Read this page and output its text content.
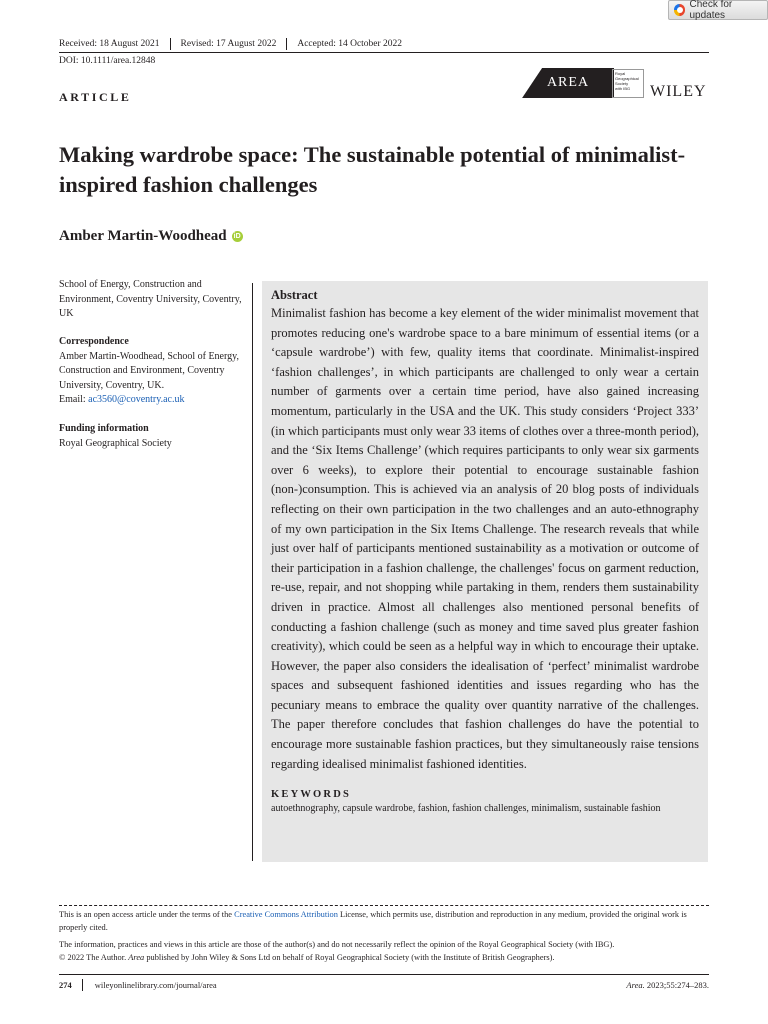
Check for updates
Received: 18 August 2021 Revised: 17 August 2022 Accepted: 14 October 2022
DOI: 10.1111/area.12848
ARTICLE
AREA
Royal
Geographical
Society
with IBG	WILEY
Making wardrobe space: The sustainable potential of minimalist-inspired fashion challenges
Amber Martin-Woodhead iD
School of Energy, Construction and Environment, Coventry University, Coventry, UK
Correspondence
Amber Martin-Woodhead, School of Energy, Construction and Environment, Coventry University, Coventry, UK.
Email: ac3560@coventry.ac.uk
Funding information
Royal Geographical Society
Abstract
Minimalist fashion has become a key element of the wider minimalist movement that promotes reducing one's wardrobe space to a bare minimum of essential items (or a ‘capsule wardrobe’) with few, quality items that coordinate. Minimalist-inspired ‘fashion challenges’, in which participants are challenged to only wear a certain number of garments over a certain time period, have also gained increasing momentum, particularly in the USA and the UK. This study considers ‘Project 333’ (in which participants must only wear 33 items of clothes over a three-month period), and the ‘Six Items Challenge’ (which requires participants to only wear six garments over 6 weeks), to explore their potential to encourage sustainable fashion (non-)consumption. This is achieved via an analysis of 20 blog posts of individuals reflecting on their own participation in the two challenges and an auto-ethnography of my own participation in the Six Items Challenge. The research reveals that while just over half of participants mentioned sustainability as a motivation or outcome of their participation in a fashion challenge, the challenges' focus on garment reduction, re-use, repair, and not shopping while partaking in them, renders them sustainability driven in practice. Almost all challenges also mentioned personal benefits of conducting a fashion challenge (such as money and time saved plus greater fashion creativity), which could be seen as a helpful way in which to encourage their uptake. However, the paper also considers the idealisation of ‘perfect’ minimalist wardrobe spaces and subsequent fashioned identities and issues regarding who has the pecuniary means to embrace the quality over quantity narrative of the challenges. The paper therefore concludes that fashion challenges do have the potential to encourage more sustainable fashion practices, but they simultaneously raise tensions regarding idealised minimalist fashioned identities.
KEYWORDS
autoethnography, capsule wardrobe, fashion, fashion challenges, minimalism, sustainable fashion
This is an open access article under the terms of the Creative Commons Attribution License, which permits use, distribution and reproduction in any medium, provided the original work is properly cited.
The information, practices and views in this article are those of the author(s) and do not necessarily reflect the opinion of the Royal Geographical Society (with IBG).
© 2022 The Author. Area published by John Wiley & Sons Ltd on behalf of Royal Geographical Society (with the Institute of British Geographers).
274	wileyonlinelibrary.com/journal/area	Area. 2023;55:274–283.
